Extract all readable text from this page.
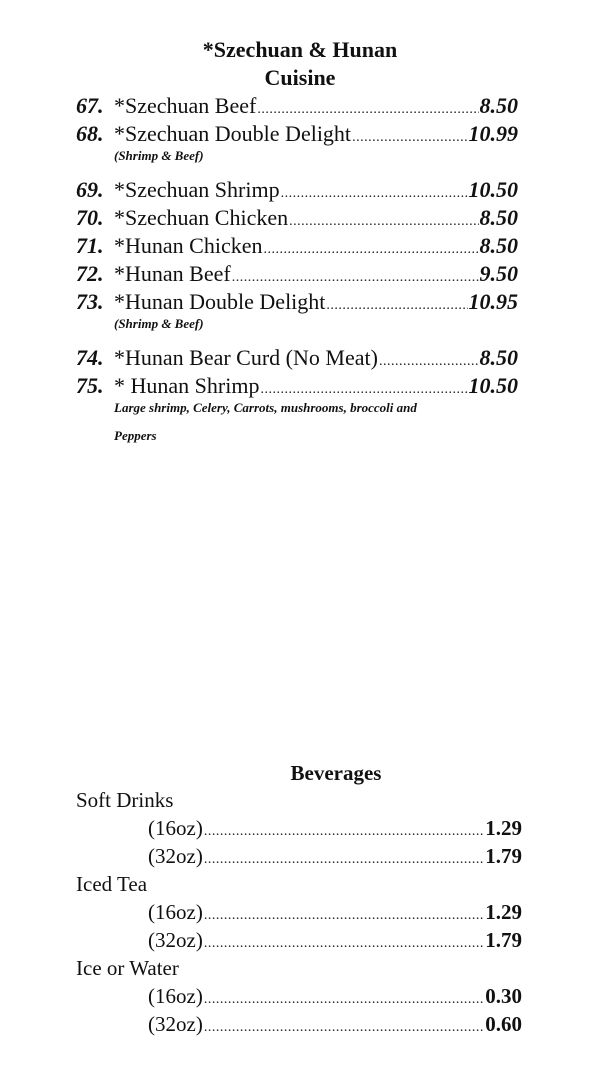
*Szechuan & Hunan
Cuisine
67. *Szechuan Beef .....	8.50
68. *Szechuan Double Delight .....	10.99
(Shrimp & Beef)
69. *Szechuan Shrimp .....	10.50
70. *Szechuan Chicken .....	8.50
71. *Hunan Chicken .....	8.50
72. *Hunan Beef .....	9.50
73. *Hunan Double Delight .....	10.95
(Shrimp & Beef)
74. *Hunan Bear Curd (No Meat) .....	8.50
75. * Hunan Shrimp .....	10.50
Large shrimp, Celery, Carrots, mushrooms, broccoli and
Peppers
Beverages
Soft Drinks
(16oz) .....	1.29
(32oz) .....	1.79
Iced Tea
(16oz) .....	1.29
(32oz) .....	1.79
Ice or Water
(16oz) .....	0.30
(32oz) .....	0.60
